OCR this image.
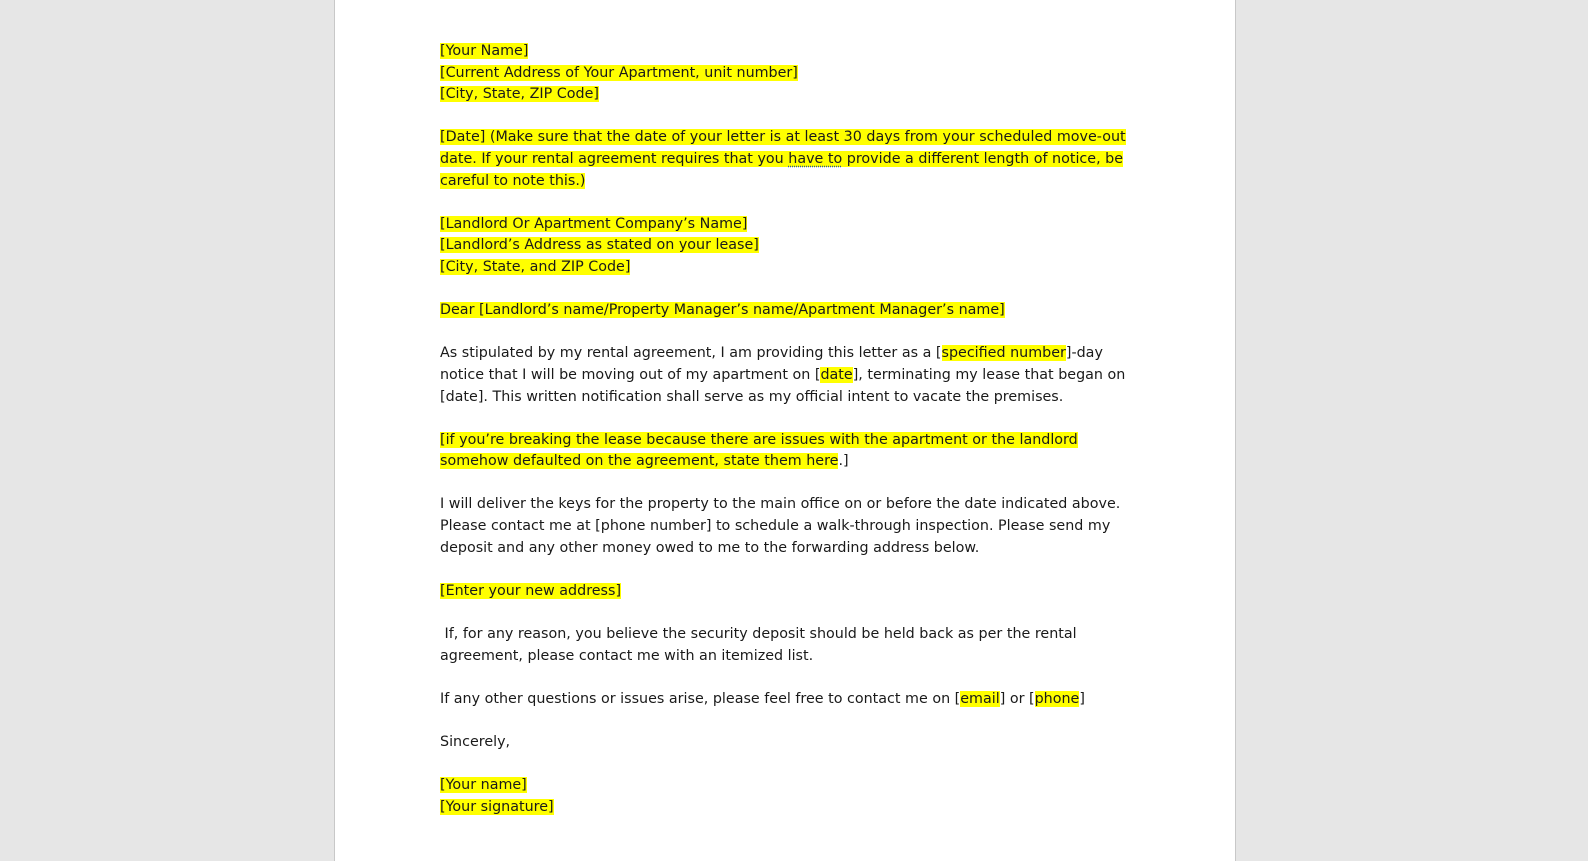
[Your Name]
[Current Address of Your Apartment, unit number]
[City, State, ZIP Code]
[Date] (Make sure that the date of your letter is at least 30 days from your scheduled move-out
date. If your rental agreement requires that you have to provide a different length of notice, be
careful to note this.)
[Landlord Or Apartment Company’s Name]
[Landlord’s Address as stated on your lease]
[City, State, and ZIP Code]
Dear [Landlord’s name/Property Manager’s name/Apartment Manager’s name]
As stipulated by my rental agreement, I am providing this letter as a [specified number]-day
notice that I will be moving out of my apartment on [date], terminating my lease that began on
[date]. This written notification shall serve as my official intent to vacate the premises.
[if you’re breaking the lease because there are issues with the apartment or the landlord
somehow defaulted on the agreement, state them here.]
I will deliver the keys for the property to the main office on or before the date indicated above.
Please contact me at [phone number] to schedule a walk-through inspection. Please send my
deposit and any other money owed to me to the forwarding address below.
[Enter your new address]
If, for any reason, you believe the security deposit should be held back as per the rental
agreement, please contact me with an itemized list.
If any other questions or issues arise, please feel free to contact me on [email] or [phone]
Sincerely,
[Your name]
[Your signature]
